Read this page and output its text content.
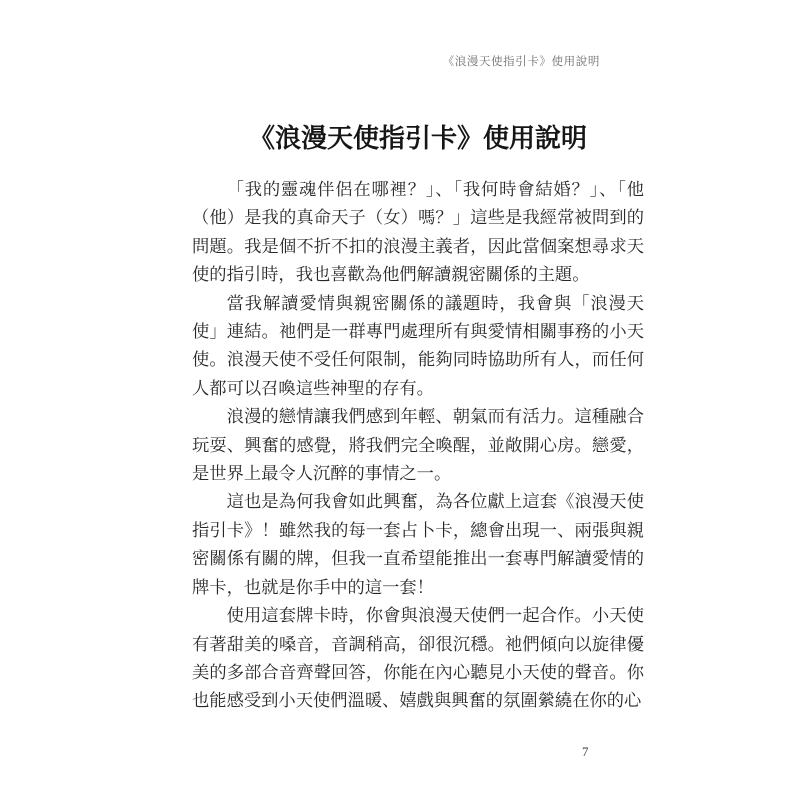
《浪漫天使指引卡》使用說明
《浪漫天使指引卡》使用說明

「我的靈魂伴侶在哪裡？」、「我何時會結婚？」、「他（他）是我的真命天子（女）嗎？」這些是我經常被問到的問題。我是個不折不扣的浪漫主義者，因此當個案想尋求天使的指引時，我也喜歡為他們解讀親密關係的主題。

當我解讀愛情與親密關係的議題時，我會與「浪漫天使」連結。祂們是一群專門處理所有與愛情相關事務的小天使。浪漫天使不受任何限制，能夠同時協助所有人，而任何人都可以召喚這些神聖的存有。

浪漫的戀情讓我們感到年輕、朝氣而有活力。這種融合玩耍、興奮的感覺，將我們完全喚醒，並敞開心房。戀愛，是世界上最令人沉醉的事情之一。

這也是為何我會如此興奮，為各位獻上這套《浪漫天使指引卡》！雖然我的每一套占卜卡，總會出現一、兩張與親密關係有關的牌，但我一直希望能推出一套專門解讀愛情的牌卡，也就是你手中的這一套！

使用這套牌卡時，你會與浪漫天使們一起合作。小天使有著甜美的嗓音，音調稍高，卻很沉穩。祂們傾向以旋律優美的多部合音齊聲回答，你能在內心聽見小天使的聲音。你也能感受到小天使們溫暖、嬉戲與興奮的氛圍縈繞在你的心

7
